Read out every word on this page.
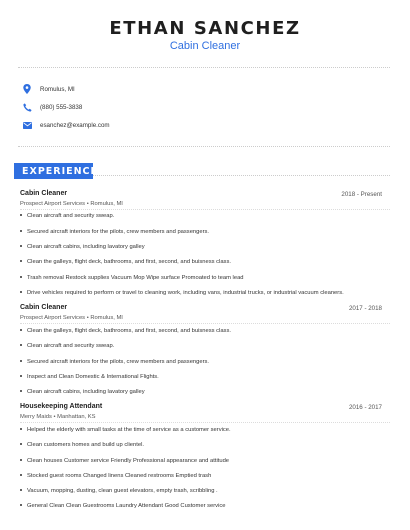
ETHAN SANCHEZ
Cabin Cleaner
Romulus, MI
(880) 555-3838
esanchez@example.com
EXPERIENCE
Cabin Cleaner	2018 - Present
Prospect Airport Services • Romulus, MI
Clean aircraft and security sweap.
Secured aircraft interiors for the pilots, crew members and passengers.
Clean aircraft cabins, including lavatory galley
Clean the galleys, flight deck, bathrooms, and first, second, and buisness class.
Trash removal Restock supplies Vacuum Mop Wipe surface Promoated to team lead
Drive vehicles required to perform or travel to cleaning work, including vans, industrial trucks, or industrial vacuum cleaners.
Cabin Cleaner	2017 - 2018
Prospect Airport Services • Romulus, MI
Clean the galleys, flight deck, bathrooms, and first, second, and buisness class.
Clean aircraft and security sweap.
Secured aircraft interiors for the pilots, crew members and passengers.
Inspect and Clean Domestic & International Flights.
Clean aircraft cabins, including lavatory galley
Housekeeping Attendant	2016 - 2017
Merry Maids • Manhattan, KS
Helped the elderly with small tasks at the time of service as a customer service.
Clean customers homes and build up clientel.
Clean houses Customer service Friendly Professional appearance and attitude
Stocked guest rooms Changed linens Cleaned restrooms Emptied trash
Vacuum, mopping, dusting, clean guest elevators, empty trash, scribbling .
General Clean Clean Guestrooms Laundry Attendant Good Customer service
